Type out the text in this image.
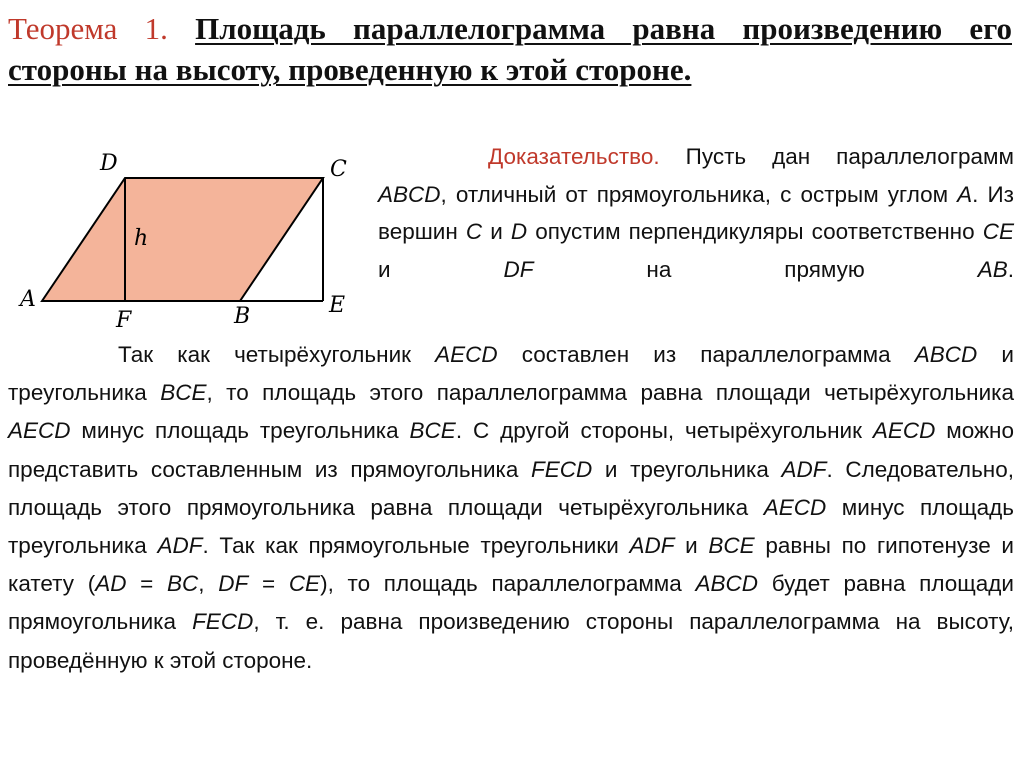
Теорема 1. Площадь параллелограмма равна произведению его стороны на высоту, проведенную к этой стороне.

D	C
h
A	E
F	B

Доказательство. Пусть дан параллелограмм ABCD, отличный от прямоугольника, с острым углом A. Из вершин C и D опустим перпендикуляры соответственно CE и DF на прямую AB.

Так как четырёхугольник AECD составлен из параллелограмма ABCD и треугольника BCE, то площадь этого параллелограмма равна площади четырёхугольника AECD минус площадь треугольника BCE. С другой стороны, четырёхугольник AECD можно представить составленным из прямоугольника FECD и треугольника ADF. Следовательно, площадь этого прямоугольника равна площади четырёхугольника AECD минус площадь треугольника ADF. Так как прямоугольные треугольники ADF и BCE равны по гипотенузе и катету (AD = BC, DF = CE), то площадь параллелограмма ABCD будет равна площади прямоугольника FECD, т. е. равна произведению стороны параллелограмма на высоту, проведённую к этой стороне.
